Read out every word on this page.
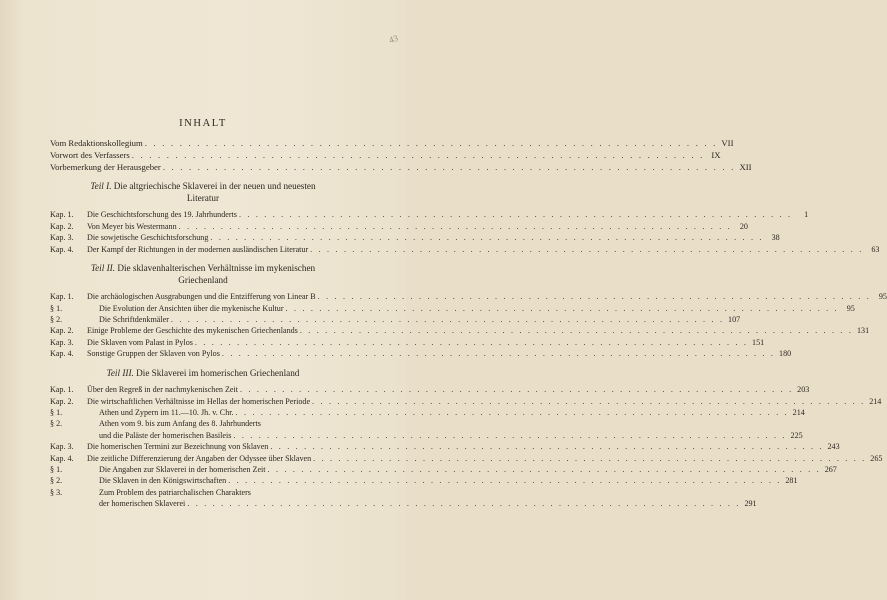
43
INHALT
Vom Redaktionskollegium . . .	VII
Vorwort des Verfassers . . .	IX
Vorbemerkung der Herausgeber . . .	XII
Teil I. Die altgriechische Sklaverei in der neuen und neuesten
Literatur
Kap. 1.	Die Geschichtsforschung des 19. Jahrhunderts . . .	1
Kap. 2.	Von Meyer bis Westermann . . .	20
Kap. 3.	Die sowjetische Geschichtsforschung . . .	38
Kap. 4.	Der Kampf der Richtungen in der modernen ausländischen Literatur . . .	63
Teil II. Die sklavenhalterischen Verhältnisse im mykenischen
Griechenland
Kap. 1.	Die archäologischen Ausgrabungen und die Entzifferung von Linear B . . .	95
§ 1.	Die Evolution der Ansichten über die mykenische Kultur . . .	95
§ 2.	Die Schriftdenkmäler . . .	107
Kap. 2.	Einige Probleme der Geschichte des mykenischen Griechenlands . . .	131
Kap. 3.	Die Sklaven vom Palast in Pylos . . .	151
Kap. 4.	Sonstige Gruppen der Sklaven von Pylos . . .	180
Teil III. Die Sklaverei im homerischen Griechenland
Kap. 1.	Über den Regreß in der nachmykenischen Zeit . . .	203
Kap. 2.	Die wirtschaftlichen Verhältnisse im Hellas der homerischen Periode . . .	214
§ 1.	Athen und Zypern im 11.—10. Jh. v. Chr. . . .	214
§ 2.	Athen vom 9. bis zum Anfang des 8. Jahrhunderts
und die Paläste der homerischen Basileis . . .	225
Kap. 3.	Die homerischen Termini zur Bezeichnung von Sklaven . . .	243
Kap. 4.	Die zeitliche Differenzierung der Angaben der Odyssee über Sklaven . . .	265
§ 1.	Die Angaben zur Sklaverei in der homerischen Zeit . . .	267
§ 2.	Die Sklaven in den Königswirtschaften . . .	281
§ 3.	Zum Problem des patriarchalischen Charakters
der homerischen Sklaverei . . .	291
